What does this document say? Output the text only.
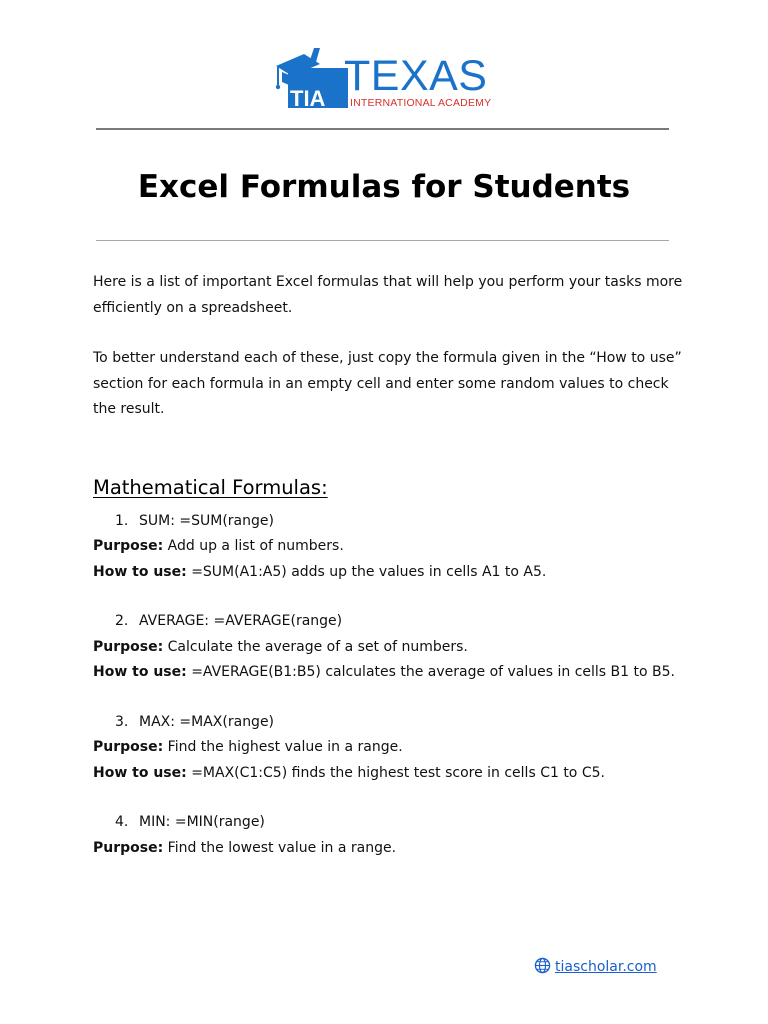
TIA TEXAS
INTERNATIONAL ACADEMY
Excel Formulas for Students

Here is a list of important Excel formulas that will help you perform your tasks more efficiently on a spreadsheet.

To better understand each of these, just copy the formula given in the “How to use” section for each formula in an empty cell and enter some random values to check the result.

Mathematical Formulas:

1. SUM: =SUM(range)

Purpose: Add up a list of numbers.

How to use: =SUM(A1:A5) adds up the values in cells A1 to A5.

2. AVERAGE: =AVERAGE(range)

Purpose: Calculate the average of a set of numbers.

How to use: =AVERAGE(B1:B5) calculates the average of values in cells B1 to B5.

3. MAX: =MAX(range)

Purpose: Find the highest value in a range.

How to use: =MAX(C1:C5) finds the highest test score in cells C1 to C5.

4. MIN: =MIN(range)

Purpose: Find the lowest value in a range.

tiascholar.com
